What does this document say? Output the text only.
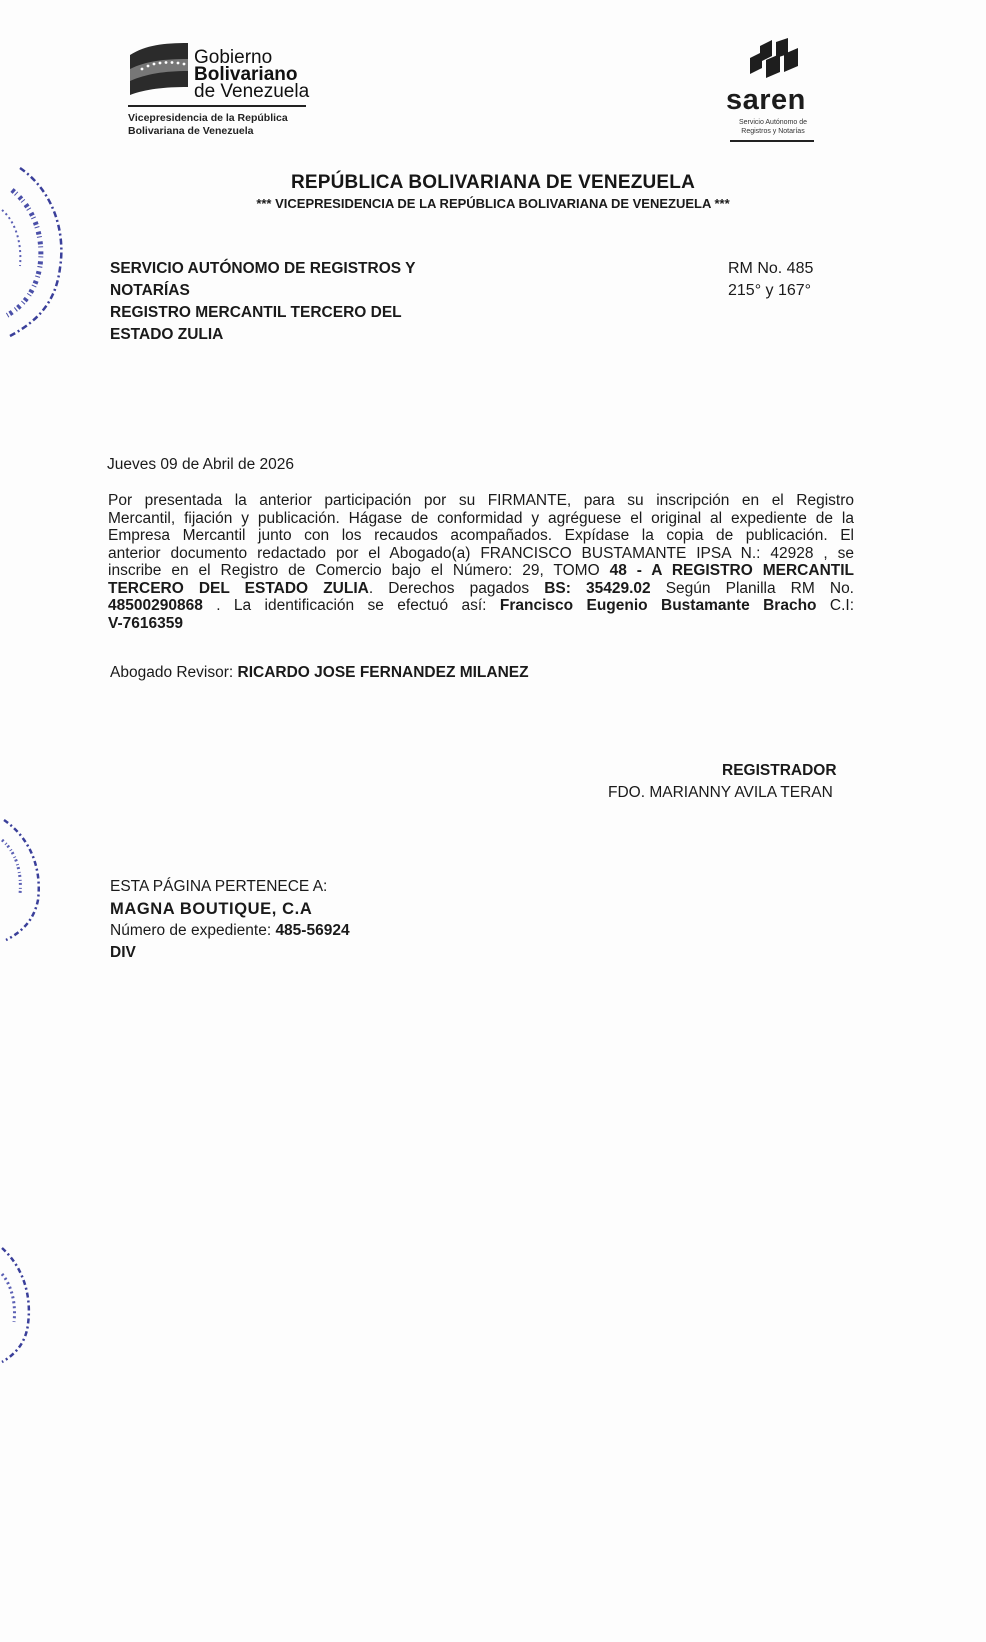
Gobierno
Bolivariano
de Venezuela
Vicepresidencia de la República
Bolivariana de Venezuela
saren
Servicio Autónomo de
Registros y Notarías
REPÚBLICA BOLIVARIANA DE VENEZUELA
*** VICEPRESIDENCIA DE LA REPÚBLICA BOLIVARIANA DE VENEZUELA ***
SERVICIO AUTÓNOMO DE REGISTROS Y
NOTARÍAS
REGISTRO MERCANTIL TERCERO DEL
ESTADO ZULIA
RM No. 485
215° y 167°
Jueves 09 de Abril de 2026
Por presentada la anterior participación por su FIRMANTE, para su inscripción en el Registro
Mercantil, fijación y publicación. Hágase de conformidad y agréguese el original al expediente de la
Empresa Mercantil junto con los recaudos acompañados. Expídase la copia de publicación. El
anterior documento redactado por el Abogado(a) FRANCISCO BUSTAMANTE IPSA N.: 42928 , se
inscribe en el Registro de Comercio bajo el Número: 29, TOMO 48 - A REGISTRO MERCANTIL
TERCERO DEL ESTADO ZULIA. Derechos pagados BS: 35429.02 Según Planilla RM No.
48500290868 . La identificación se efectuó así: Francisco Eugenio Bustamante Bracho C.I:
V-7616359
Abogado Revisor: RICARDO JOSE FERNANDEZ MILANEZ
REGISTRADOR
FDO. MARIANNY AVILA TERAN
ESTA PÁGINA PERTENECE A:
MAGNA BOUTIQUE, C.A
Número de expediente: 485-56924
DIV
